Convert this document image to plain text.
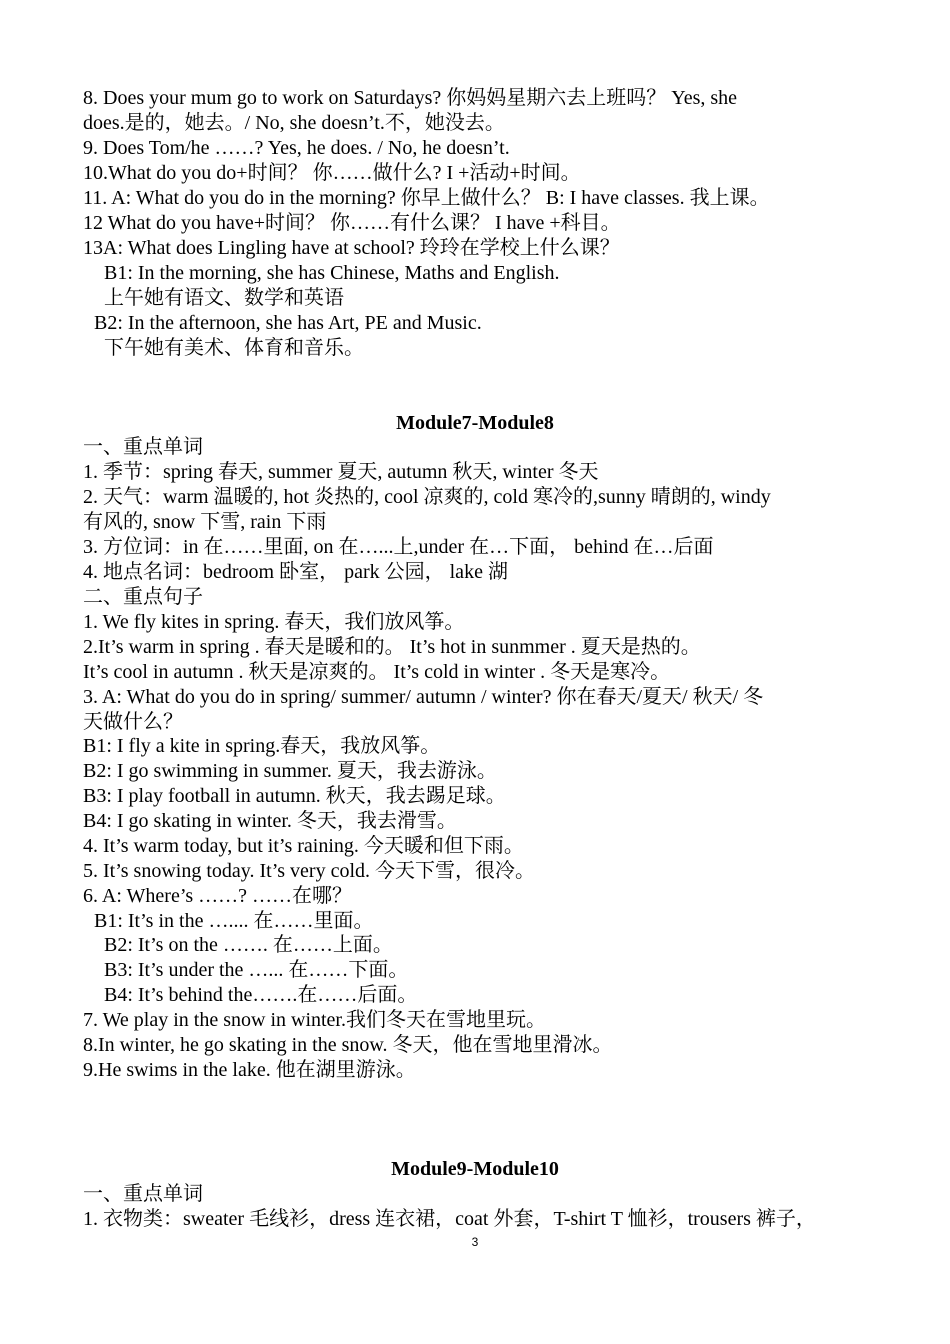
8. Does your mum go to work on Saturdays? 你妈妈星期六去上班吗？ Yes, she
does.是的，她去。/ No, she doesn’t.不，她没去。
9. Does Tom/he ……? Yes, he does. / No, he doesn’t.
10.What do you do+时间？ 你……做什么? I +活动+时间。
11. A: What do you do in the morning? 你早上做什么？ B: I have classes. 我上课。
12 What do you have+时间？ 你……有什么课？ I have +科目。
13A: What does Lingling have at school? 玲玲在学校上什么课？
B1: In the morning, she has Chinese, Maths and English.
上午她有语文、数学和英语
B2: In the afternoon, she has Art, PE and Music.
下午她有美术、体育和音乐。
Module7-Module8
一、重点单词
1. 季节：spring 春天, summer 夏天, autumn 秋天, winter 冬天
2. 天气：warm 温暖的, hot 炎热的, cool 凉爽的, cold 寒冷的,sunny 晴朗的, windy
有风的, snow 下雪, rain 下雨
3. 方位词：in 在……里面, on 在…...上,under 在…下面， behind 在…后面
4. 地点名词：bedroom 卧室， park 公园， lake 湖
二、重点句子
1. We fly kites in spring. 春天，我们放风筝。
2.It’s warm in spring . 春天是暖和的。 It’s hot in sunmmer . 夏天是热的。
It’s cool in autumn . 秋天是凉爽的。 It’s cold in winter . 冬天是寒冷。
3. A: What do you do in spring/ summer/ autumn / winter? 你在春天/夏天/ 秋天/ 冬
天做什么？
B1: I fly a kite in spring.春天，我放风筝。
B2: I go swimming in summer. 夏天，我去游泳。
B3: I play football in autumn. 秋天，我去踢足球。
B4: I go skating in winter. 冬天，我去滑雪。
4. It’s warm today, but it’s raining. 今天暖和但下雨。
5. It’s snowing today. It’s very cold. 今天下雪，很冷。
6. A: Where’s ……? ……在哪？
B1: It’s in the ….... 在……里面。
B2: It’s on the ……. 在……上面。
B3: It’s under the …... 在……下面。
B4: It’s behind the…….在……后面。
7. We play in the snow in winter.我们冬天在雪地里玩。
8.In winter, he go skating in the snow. 冬天，他在雪地里滑冰。
9.He swims in the lake. 他在湖里游泳。
Module9-Module10
一、重点单词
1. 衣物类：sweater 毛线衫，dress 连衣裙，coat 外套，T-shirt T 恤衫，trousers 裤子，
3
